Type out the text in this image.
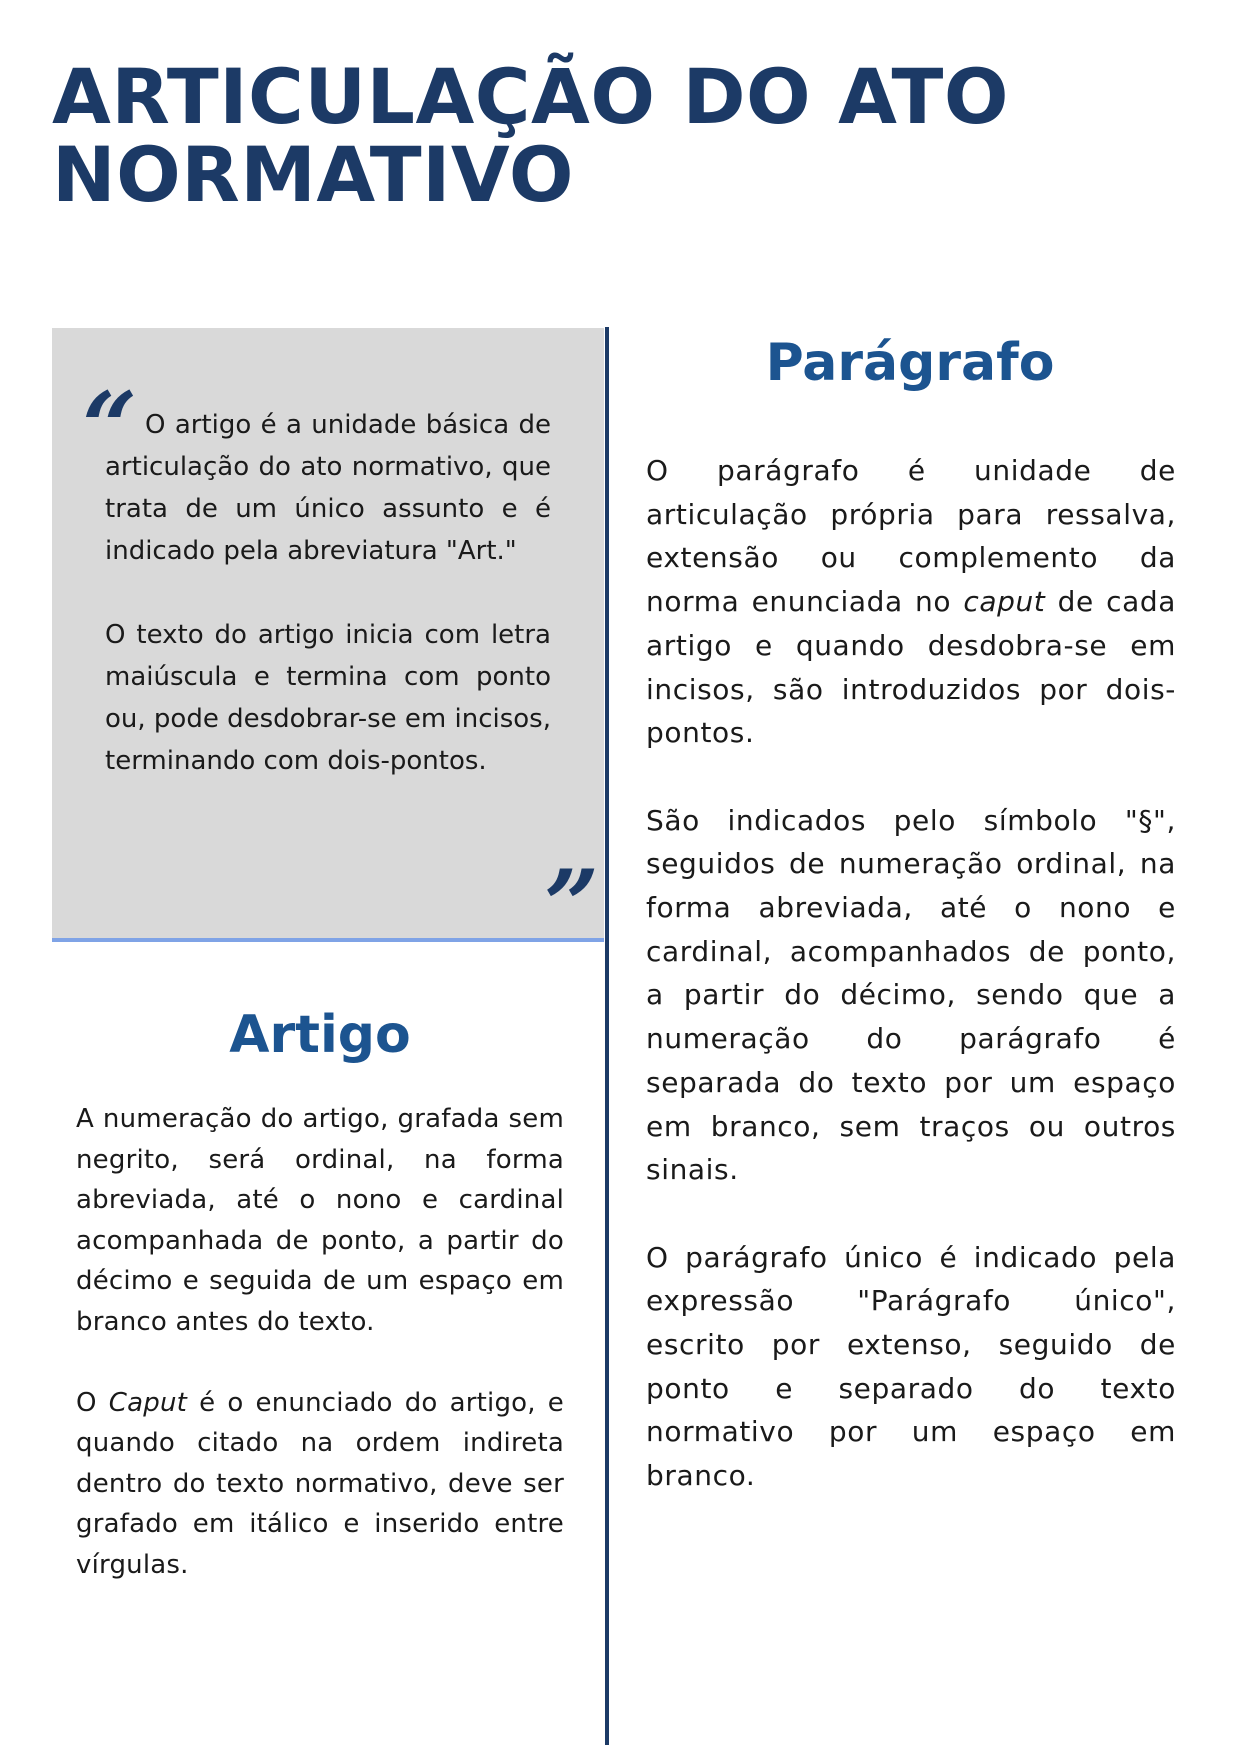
ARTICULAÇÃO DO ATO NORMATIVO
“ O artigo é a unidade básica de articulação do ato normativo, que trata de um único assunto e é indicado pela abreviatura "Art."

O texto do artigo inicia com letra maiúscula e termina com ponto ou, pode desdobrar-se em incisos, terminando com dois-pontos.

”
Artigo

A numeração do artigo, grafada sem negrito, será ordinal, na forma abreviada, até o nono e cardinal acompanhada de ponto, a partir do décimo e seguida de um espaço em branco antes do texto.

O Caput é o enunciado do artigo, e quando citado na ordem indireta dentro do texto normativo, deve ser grafado em itálico e inserido entre vírgulas.

Parágrafo

O parágrafo é unidade de articulação própria para ressalva, extensão ou complemento da norma enunciada no caput de cada artigo e quando desdobra-se em incisos, são introduzidos por dois-pontos.

São indicados pelo símbolo "§", seguidos de numeração ordinal, na forma abreviada, até o nono e cardinal, acompanhados de ponto, a partir do décimo, sendo que a numeração do parágrafo é separada do texto por um espaço em branco, sem traços ou outros sinais.

O parágrafo único é indicado pela expressão "Parágrafo único", escrito por extenso, seguido de ponto e separado do texto normativo por um espaço em branco.
